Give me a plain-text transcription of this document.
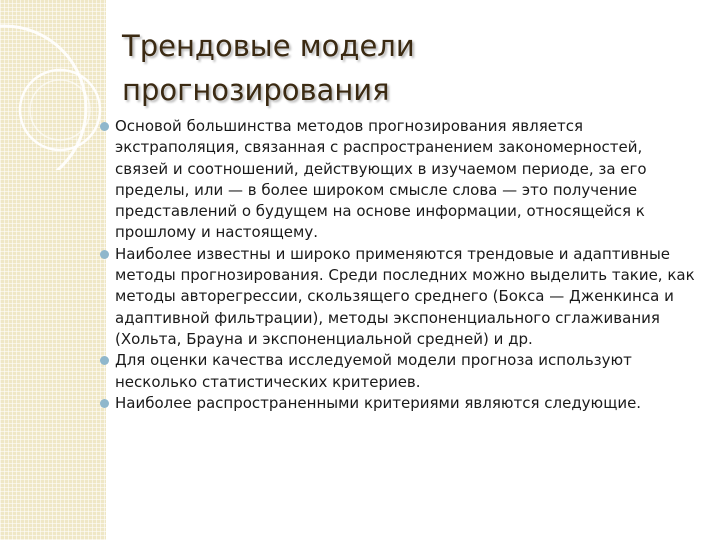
Трендовые модели
прогнозирования
Основой большинства методов прогнозирования является экстраполяция, связанная с распространением закономерностей, связей и соотношений, действующих в изучаемом периоде, за его пределы, или — в более широком смысле слова — это получение представлений о будущем на основе информации, относящейся к прошлому и настоящему.
Наиболее известны и широко применяются трендовые и адаптивные методы прогнозирования. Среди последних можно выделить такие, как методы авторегрессии, скользящего среднего (Бокса — Дженкинса и адаптивной фильтрации), методы экспоненциального сглаживания (Хольта, Брауна и экспоненциальной средней) и др.
Для оценки качества исследуемой модели прогноза используют несколько статистических критериев.
Наиболее распространенными критериями являются следующие.
